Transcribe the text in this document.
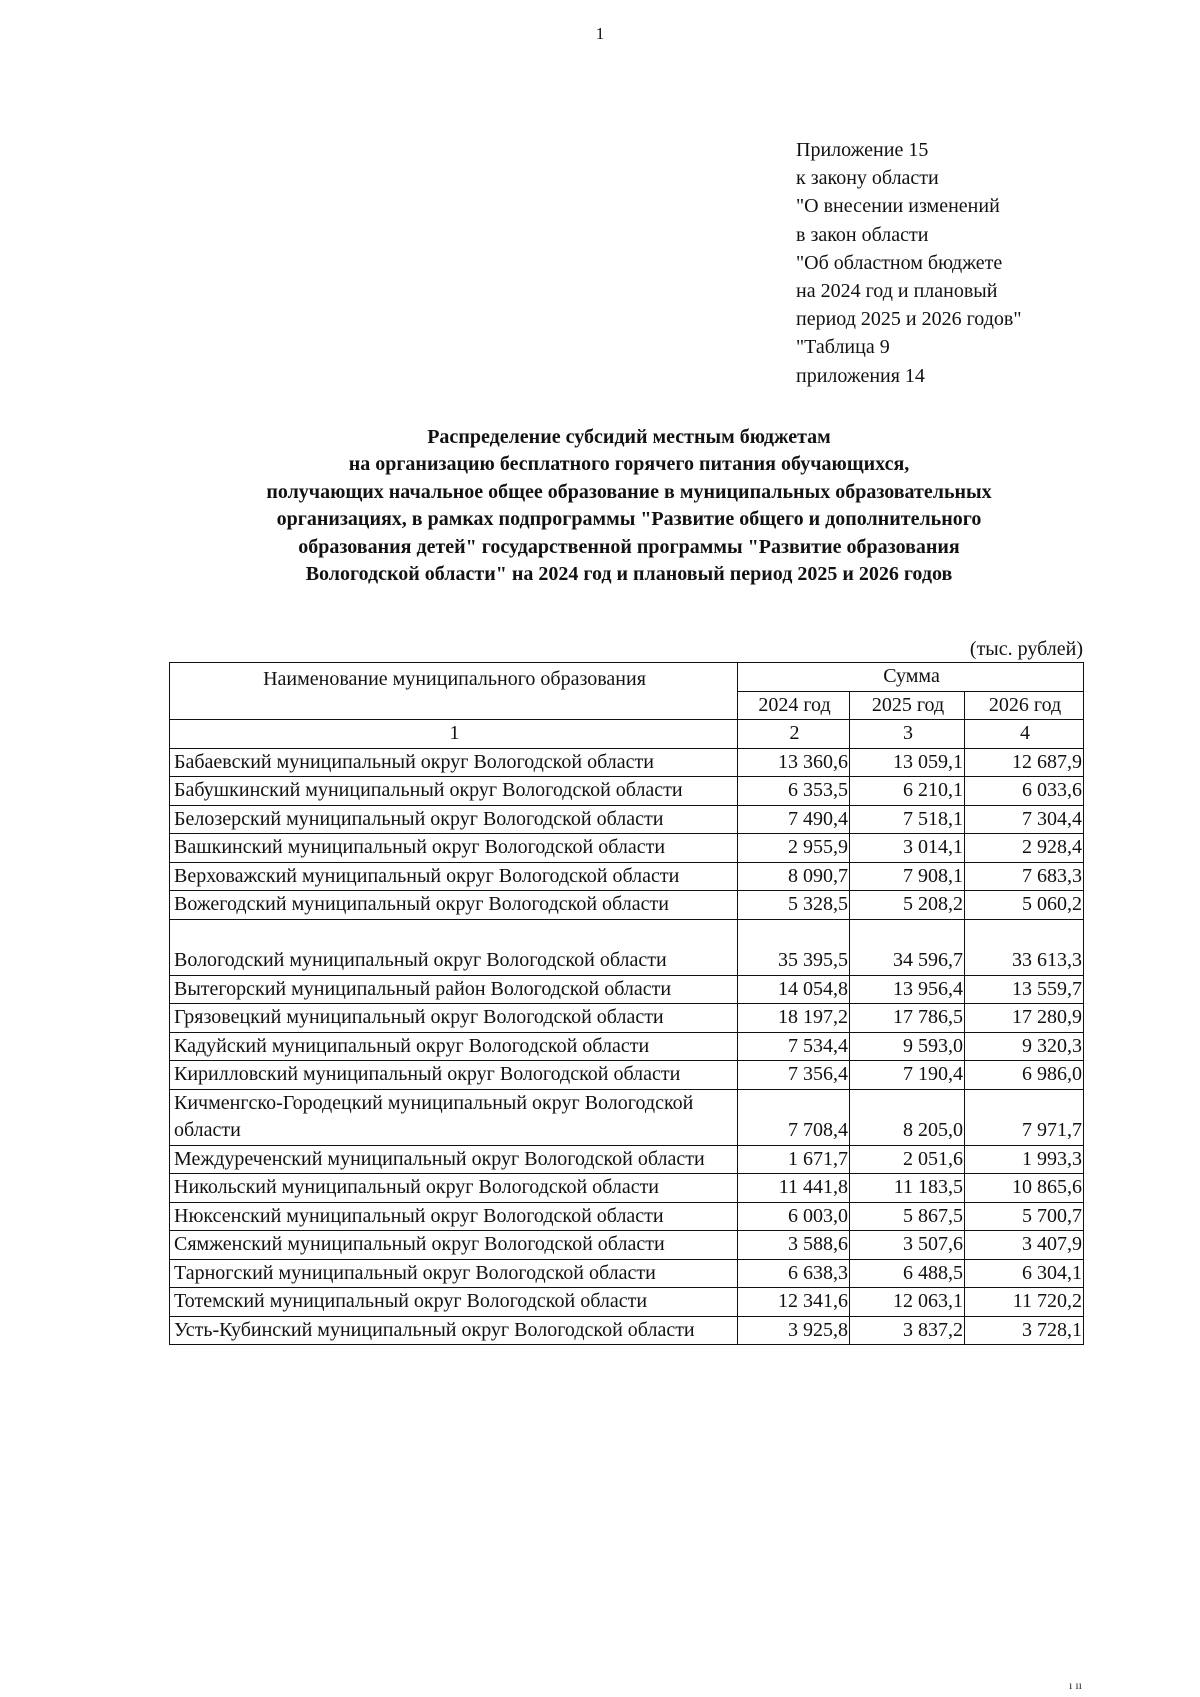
1
Приложение 15
к закону области
"О внесении изменений
в закон области
"Об областном бюджете
на 2024 год и плановый
период 2025 и 2026 годов"
"Таблица 9
приложения 14
Распределение субсидий местным бюджетам
на организацию бесплатного горячего питания обучающихся,
получающих начальное общее образование в муниципальных образовательных
организациях, в рамках подпрограммы "Развитие общего и дополнительного
образования детей" государственной программы "Развитие образования
Вологодской области" на 2024 год и плановый период 2025 и 2026 годов
(тыс. рублей)
Наименование муниципального образования	Сумма		
	2024 год	2025 год	2026 год
1	2	3	4
Бабаевский муниципальный округ Вологодской области	13 360,6	13 059,1	12 687,9
Бабушкинский муниципальный округ Вологодской области	6 353,5	6 210,1	6 033,6
Белозерский муниципальный округ Вологодской области	7 490,4	7 518,1	7 304,4
Вашкинский муниципальный округ Вологодской области	2 955,9	3 014,1	2 928,4
Верховажский муниципальный округ Вологодской области	8 090,7	7 908,1	7 683,3
Вожегодский муниципальный округ Вологодской области	5 328,5	5 208,2	5 060,2
Вологодский муниципальный округ Вологодской области	35 395,5	34 596,7	33 613,3
Вытегорский муниципальный район Вологодской области	14 054,8	13 956,4	13 559,7
Грязовецкий муниципальный округ Вологодской области	18 197,2	17 786,5	17 280,9
Кадуйский муниципальный округ Вологодской области	7 534,4	9 593,0	9 320,3
Кирилловский муниципальный округ Вологодской области	7 356,4	7 190,4	6 986,0
Кичменгско-Городецкий муниципальный округ Вологодской области	7 708,4	8 205,0	7 971,7
Междуреченский муниципальный округ Вологодской области	1 671,7	2 051,6	1 993,3
Никольский муниципальный округ Вологодской области	11 441,8	11 183,5	10 865,6
Нюксенский муниципальный округ Вологодской области	6 003,0	5 867,5	5 700,7
Сямженский муниципальный округ Вологодской области	3 588,6	3 507,6	3 407,9
Тарногский муниципальный округ Вологодской области	6 638,3	6 488,5	6 304,1
Тотемский муниципальный округ Вологодской области	12 341,6	12 063,1	11 720,2
Усть-Кубинский муниципальный округ Вологодской области	3 925,8	3 837,2	3 728,1
ı ıı
